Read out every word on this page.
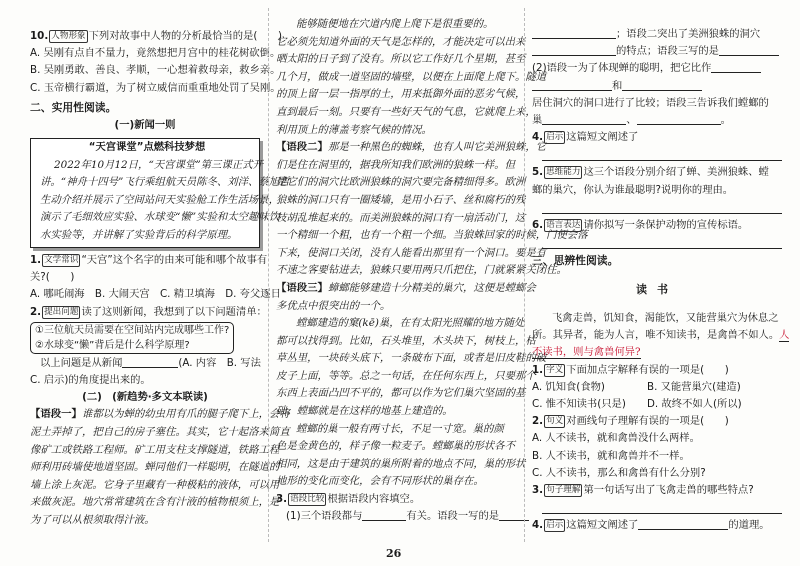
10. 人物形象 下列对故事中人物的分析最恰当的是(　　)

A. 吴刚有点自不量力，竟然想把月宫中的桂花树砍倒。

B. 吴刚勇敢、善良、孝顺，一心想着救母亲，救乡亲。

C. 玉帝横行霸道，为了树立威信而重重地处罚了吴刚。

二、实用性阅读。

(一)新闻一则

“天宫课堂”点燃科技梦想

2022年10月12日，“天宫课堂”第三课正式开

讲。“神舟十四号”飞行乘组航天员陈冬、刘洋、蔡旭哲

生动介绍并展示了空间站问天实验舱工作生活场景，

演示了毛细效应实验、水球变“懒”实验和太空趣味饮

水实验等，并讲解了实验背后的科学原理。

1. 文学常识 “天宫”这个名字的由来可能和哪个故事有

关?(　　)

A. 哪吒闹海　B. 大闹天宫　C. 精卫填海　D. 夸父逐日

2. 提出问题 读了这则新闻，我想到了以下问题清单：

①三位航天员需要在空间站内完成哪些工作?
②水球变“懒”背后是什么科学原理?

以上问题是从新闻	(A. 内容　B. 写法

C. 启示)的角度提出来的。

(二)　(新趋势·多文本联读)

【语段一】谁都以为蝉的幼虫用有爪的腿子爬下上，会将

泥土弄掉了，把自己的房子塞住。其实，它十起洛来简直

像矿工或铁路工程师。矿工用支柱支撑隧道，铁路工程

师利用砖墙使地道坚固。蝉同他们一样聪明，在隧道的

墙上涂上灰泥。它身子里藏有一种极粘的液体，可以用

来做灰泥。地穴常常建筑在含有汁液的植物根须上，是

为了可以从根须取得汁液。

能够随便地在穴道内爬上爬下是很重要的。

它必须先知道外面的天气是怎样的，才能决定可以出来

晒太阳的日子到了没有。所以它工作好几个星期，甚至

几个月，做成一道坚固的墙壁，以便在上面爬上爬下。隧道

的顶上留一层一指厚的土，用来抵御外面的恶劣气候，

直到最后一刻。只要有一些好天气的气息，它就爬上来，

利用顶上的薄盖考察气候的情况。

【语段二】那是一种黑色的蜘蛛，也有人叫它美洲狼蛛，它

们是住在洞里的，据我所知我们欧洲的狼蛛一样。但

是它们的洞穴比欧洲狼蛛的洞穴要完备精细得多。欧洲

狼蛛的洞口只有一圈矮墙，是用小石子、丝和腐朽的残

枝胡乱堆起来的。而美洲狼蛛的洞口有一扇活动门，这

一个精细一个粗，也有一个粗一个细。当狼蛛回家的时候，门便会落

下来，使洞口关闭，没有人能看出那里有一个洞口。要是有

不速之客要钻进去，狼蛛只要用两只爪把住，门就紧紧关闭住。

【语段三】蟑螂能够建造十分精美的巢穴，这便是螳螂会

多优点中很突出的一个。

螳螂建造的窠(kē)巢，在有太阳光照耀的地方随处

都可以找得到。比如，石头堆里，木头块下，树枝上，枯

草丛里，一块砖头底下，一条破布下面，或者是旧皮鞋的破

皮子上面，等等。总之一句话，在任何东西上，只要那个

东西上表面凸凹不平的，都可以作为它们巢穴坚固的基

础。螳螂就是在这样的地基上建造的。

螳螂的巢一般有两寸长，不足一寸宽。巢的颜

色是金黄色的，样子像一粒麦子。螳螂巢的形状各不

相同，这是由于建筑的巢所附着的地点不同，巢的形状

地形的变化而变化，会有不同形状的巢存在。

3. 语段比较 根据语段内容填空。

(1)三个语段都与	有关。语段一写的是

；语段二突出了美洲狼蛛的洞穴

的特点；语段三写的是

(2)语段一为了体现蝉的聪明，把它比作

和

居住洞穴的洞口进行了比较；语段三告诉我们螳螂的

巢	、	。

4. 启示 这篇短文阐述了

5. 思维能力 这三个语段分别介绍了蝉、美洲狼蛛、螳

螂的巢穴，你认为谁最聪明?说明你的理由。

6. 语言表达 请你拟写一条保护动物的宣传标语。

三、思辨性阅读。

读书

飞禽走兽，饥知食，渴能饮，又能营巢穴为休息之

所。其异者，能为人言，唯不知读书，是禽兽不如人。人

不读书，则与禽兽何异?

1. 字义 下面加点字解释有误的一项是(　　)

A. 饥知食(食物)	B. 又能营巢穴(建造)

C. 惟不知读书(只是) D. 故终不如人(所以)

2. 句义 对画线句子理解有误的一项是(　　)

A. 人不读书，就和禽兽没什么两样。

B. 人不读书，就和禽兽并不一样。

C. 人不读书，那么和禽兽有什么分别?

3. 句子理解 第一句话写出了飞禽走兽的哪些特点?

4. 启示 这篇短文阐述了	的道理。

26
